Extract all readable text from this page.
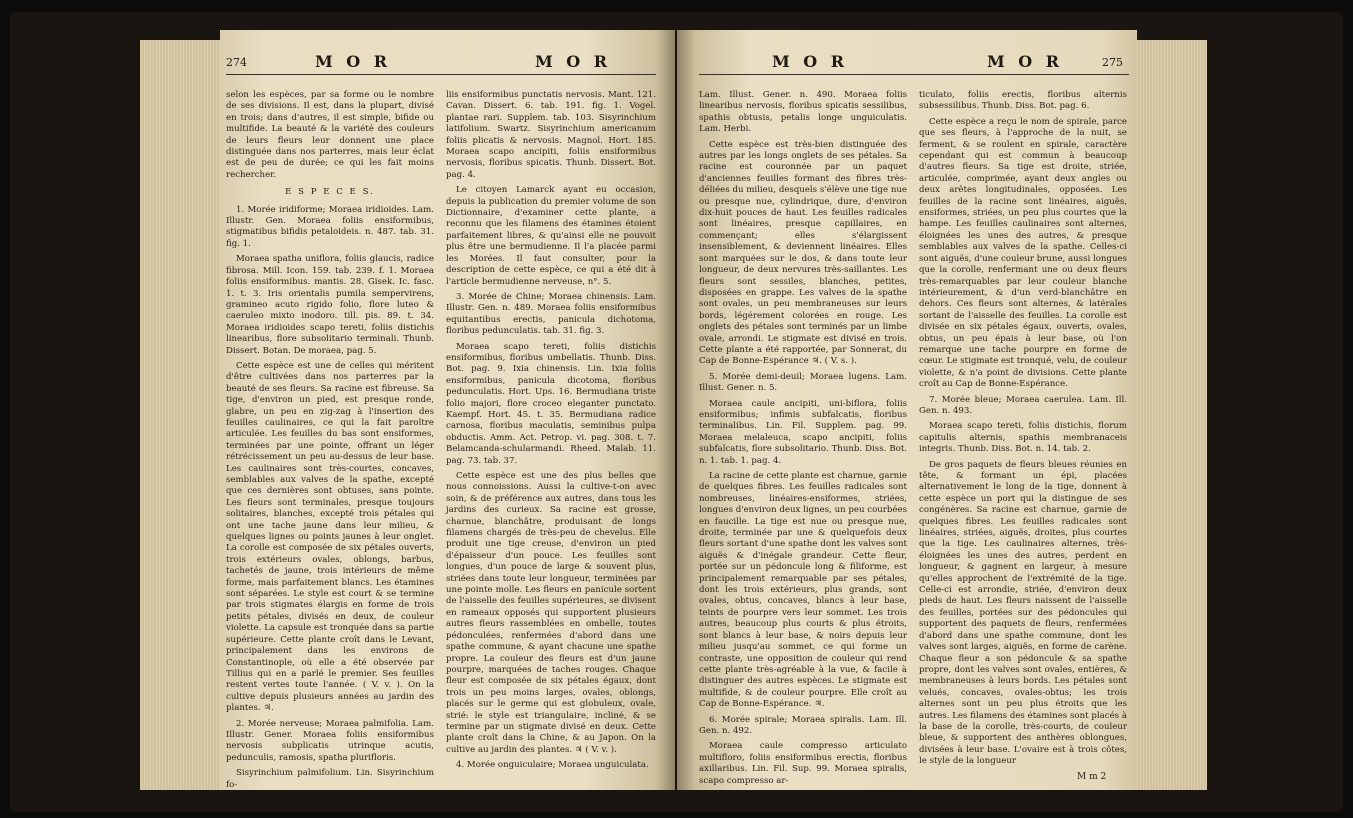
274	M O R	M O R

selon les espèces, par sa forme ou le nombre de ses divisions. Il est, dans la plupart, divisé en trois; dans d'autres, il est simple, bifide ou multifide. La beauté & la variété des couleurs de leurs fleurs leur donnent une place distinguée dans nos parterres, mais leur éclat est de peu de durée; ce qui les fait moins rechercher.

E S P E C E S.

1. Morée iridiforme; Moraea iridioides. Lam. Illustr. Gen. Moraea foliis ensiformibus, stigmatibus bifidis petaloideis. n. 487. tab. 31. fig. 1.

Moraea spatha uniflora, foliis glaucis, radice fibrosa. Mill. Icon. 159. tab. 239. f. 1. Moraea foliis ensiformibus. mantis. 28. Gisek. Ic. fasc. 1. t. 3. Iris orientalis pumila sempervirens, gramineo acuto rigido folio, flore luteo & caeruleo mixto inodoro. till. pis. 89. t. 34. Moraea iridioides scapo tereti, foliis distichis linearibus, flore subsolitario terminali. Thunb. Dissert. Botan. De moraea, pag. 5.

Cette espèce est une de celles qui méritent d'être cultivées dans nos parterres par la beauté de ses fleurs. Sa racine est fibreuse. Sa tige, d'environ un pied, est presque ronde, glabre, un peu en zig-zag à l'insertion des feuilles caulinaires, ce qui la fait paroître articulée. Les feuilles du bas sont ensiformes, terminées par une pointe, offrant un léger rétrécissement un peu au-dessus de leur base. Les caulinaires sont très-courtes, concaves, semblables aux valves de la spathe, excepté que ces dernières sont obtuses, sans pointe. Les fleurs sont terminales, presque toujours solitaires, blanches, excepté trois pétales qui ont une tache jaune dans leur milieu, & quelques lignes ou points jaunes à leur onglet. La corolle est composée de six pétales ouverts, trois extérieurs ovales, oblongs, barbus, tachetés de jaune, trois intérieurs de même forme, mais parfaitement blancs. Les étamines sont séparées. Le style est court & se termine par trois stigmates élargis en forme de trois petits pétales, divisés en deux, de couleur violette. La capsule est tronquée dans sa partie supérieure. Cette plante croît dans le Levant, principalement dans les environs de Constantinople, où elle a été observée par Tillius qui en a parlé le premier. Ses feuilles restent vertes toute l'année. ( V. v. ). On la cultive depuis plusieurs années au jardin des plantes. ♃.

2. Morée nerveuse; Moraea palmifolia. Lam. Illustr. Gener. Moraea foliis ensiformibus nervosis subplicatis utrinque acutis, pedunculis, ramosis, spatha plurifloris.

Sisyrinchium palmifolium. Lin. Sisyrinchium fo-

liis ensiformibus punctatis nervosis. Mant. 121. Cavan. Dissert. 6. tab. 191. fig. 1. Vogel. plantae rari. Supplem. tab. 103. Sisyrinchium latifolium. Swartz. Sisyrinchium americanum foliis plicatis & nervosis. Magnol. Hort. 185. Moraea scapo ancipiti, foliis ensiformibus nervosis, floribus spicatis. Thunb. Dissert. Bot. pag. 4.

Le citoyen Lamarck ayant eu occasion, depuis la publication du premier volume de son Dictionnaire, d'examiner cette plante, a reconnu que les filamens des étamines étoient parfaitement libres, & qu'ainsi elle ne pouvoit plus être une bermudienne. Il l'a placée parmi les Morées. Il faut consulter, pour la description de cette espèce, ce qui a été dit à l'article bermudienne nerveuse, n°. 5.

3. Morée de Chine; Moraea chinensis. Lam. Illustr. Gen. n. 489. Moraea foliis ensiformibus equitantibus erectis, panicula dichotoma, floribus pedunculatis. tab. 31. fig. 3.

Moraea scapo tereti, foliis distichis ensiformibus, floribus umbellatis. Thunb. Diss. Bot. pag. 9. Ixia chinensis. Lin. Ixia foliis ensiformibus, panicula dicotoma, floribus pedunculatis. Hort. Ups. 16. Bermudiana triste folio majori, flore croceo eleganter punctato. Kaempf. Hort. 45. t. 35. Bermudiana radice carnosa, floribus maculatis, seminibus pulpa obductis. Amm. Act. Petrop. vi. pag. 308. t. 7. Belamcanda-schularmandi. Rheed. Malab. 11. pag. 73. tab. 37.

Cette espèce est une des plus belles que nous connoissions. Aussi la cultive-t-on avec soin, & de préférence aux autres, dans tous les jardins des curieux. Sa racine est grosse, charnue, blanchâtre, produisant de longs filamens chargés de très-peu de chevelus. Elle produit une tige creuse, d'environ un pied d'épaisseur d'un pouce. Les feuilles sont longues, d'un pouce de large & souvent plus, striées dans toute leur longueur, terminées par une pointe molle. Les fleurs en panicule sortent de l'aisselle des feuilles supérieures, se divisent en rameaux opposés qui supportent plusieurs autres fleurs rassemblées en ombelle, toutes pédonculées, renfermées d'abord dans une spathe commune, & ayant chacune une spathe propre. La couleur des fleurs est d'un jaune pourpre, marquées de taches rouges. Chaque fleur est composée de six pétales égaux, dont trois un peu moins larges, ovales, oblongs, placés sur le germe qui est globuleux, ovale, strié: le style est triangulaire, incliné, & se termine par un stigmate divisé en deux. Cette plante croît dans la Chine, & au Japon. On la cultive au jardin des plantes. ♃ ( V. v. ).

4. Morée onguiculaire; Moraea unguiculata.

M O R	M O R	275

Lam. Illust. Gener. n. 490. Moraea foliis linearibus nervosis, floribus spicatis sessilibus, spathis obtusis, petalis longe unguiculatis. Lam. Herbi.

Cette espèce est très-bien distinguée des autres par les longs onglets de ses pétales. Sa racine est couronnée par un paquet d'anciennes feuilles formant des fibres très-déliées du milieu, desquels s'élève une tige nue ou presque nue, cylindrique, dure, d'environ dix-huit pouces de haut. Les feuilles radicales sont linéaires, presque capillaires, en commençant; elles s'élargissent insensiblement, & deviennent linéaires. Elles sont marquées sur le dos, & dans toute leur longueur, de deux nervures très-saillantes. Les fleurs sont sessiles, blanches, petites, disposées en grappe. Les valves de la spathe sont ovales, un peu membraneuses sur leurs bords, légérement colorées en rouge. Les onglets des pétales sont terminés par un limbe ovale, arrondi. Le stigmate est divisé en trois. Cette plante a été rapportée, par Sonnerat, du Cap de Bonne-Espérance ♃. ( V. s. ).

5. Morée demi-deuil; Moraea lugens. Lam. Illust. Gener. n. 5.

Moraea caule ancipiti, uni-biflora, foliis ensiformibus; infimis subfalcatis, floribus terminalibus. Lin. Fil. Supplem. pag. 99. Moraea melaleuca, scapo ancipiti, foliis subfalcatis, flore subsolitario. Thunb. Diss. Bot. n. 1. tab. 1. pag. 4.

La racine de cette plante est charnue, garnie de quelques fibres. Les feuilles radicales sont nombreuses, linéaires-ensiformes, striées, longues d'environ deux lignes, un peu courbées en faucille. La tige est nue ou presque nue, droite, terminée par une & quelquefois deux fleurs sortant d'une spathe dont les valves sont aiguës & d'inégale grandeur. Cette fleur, portée sur un pédoncule long & filiforme, est principalement remarquable par ses pétales, dont les trois extérieurs, plus grands, sont ovales, obtus, concaves, blancs à leur base, teints de pourpre vers leur sommet. Les trois autres, beaucoup plus courts & plus étroits, sont blancs à leur base, & noirs depuis leur milieu jusqu'au sommet, ce qui forme un contraste, une opposition de couleur qui rend cette plante très-agréable à la vue, & facile à distinguer des autres espèces. Le stigmate est multifide, & de couleur pourpre. Elle croît au Cap de Bonne-Espérance. ♃.

6. Morée spirale; Moraea spiralis. Lam. Ill. Gen. n. 492.

Moraea caule compresso articulato multifloro, foliis ensiformibus erectis, floribus axillaribus. Lin. Fil. Sup. 99. Moraea spiralis, scapo compresso ar-

ticulato, foliis erectis, floribus alternis subsessilibus. Thunb. Diss. Bot. pag. 6.

Cette espèce a reçu le nom de spirale, parce que ses fleurs, à l'approche de la nuit, se ferment, & se roulent en spirale, caractère cependant qui est commun à beaucoup d'autres fleurs. Sa tige est droite, striée, articulée, comprimée, ayant deux angles ou deux arêtes longitudinales, opposées. Les feuilles de la racine sont linéaires, aiguës, ensiformes, striées, un peu plus courtes que la hampe. Les feuilles caulinaires sont alternes, éloignées les unes des autres, & presque semblables aux valves de la spathe. Celles-ci sont aiguës, d'une couleur brune, aussi longues que la corolle, renfermant une ou deux fleurs très-remarquables par leur couleur blanche intérieurement, & d'un verd-blanchâtre en dehors. Ces fleurs sont alternes, & latérales sortant de l'aisselle des feuilles. La corolle est divisée en six pétales égaux, ouverts, ovales, obtus, un peu épais à leur base, où l'on remarque une tache pourpre en forme de cœur. Le stigmate est tronqué, velu, de couleur violette, & n'a point de divisions. Cette plante croît au Cap de Bonne-Espérance.

7. Morée bleue; Moraea caerulea. Lam. Ill. Gen. n. 493.

Moraea scapo tereti, foliis distichis, florum capitulis alternis, spathis membranaceis integris. Thunb. Diss. Bot. n. 14. tab. 2.

De gros paquets de fleurs bleues réunies en tête, & formant un épi, placées alternativement le long de la tige, donnent à cette espèce un port qui la distingue de ses congénères. Sa racine est charnue, garnie de quelques fibres. Les feuilles radicales sont linéaires, striées, aiguës, droites, plus courtes que la tige. Les caulinaires alternes, très-éloignées les unes des autres, perdent en longueur, & gagnent en largeur, à mesure qu'elles approchent de l'extrémité de la tige. Celle-ci est arrondie, striée, d'environ deux pieds de haut. Les fleurs naissent de l'aisselle des feuilles, portées sur des pédoncules qui supportent des paquets de fleurs, renfermées d'abord dans une spathe commune, dont les valves sont larges, aiguës, en forme de carène. Chaque fleur a son pédoncule & sa spathe propre, dont les valves sont ovales, entières, & membraneuses à leurs bords. Les pétales sont velués, concaves, ovales-obtus; les trois alternes sont un peu plus étroits que les autres. Les filamens des étamines sont placés à la base de la corolle, très-courts, de couleur bleue, & supportent des anthères oblongues, divisées à leur base. L'ovaire est à trois côtes, le style de la longueur

M m 2
